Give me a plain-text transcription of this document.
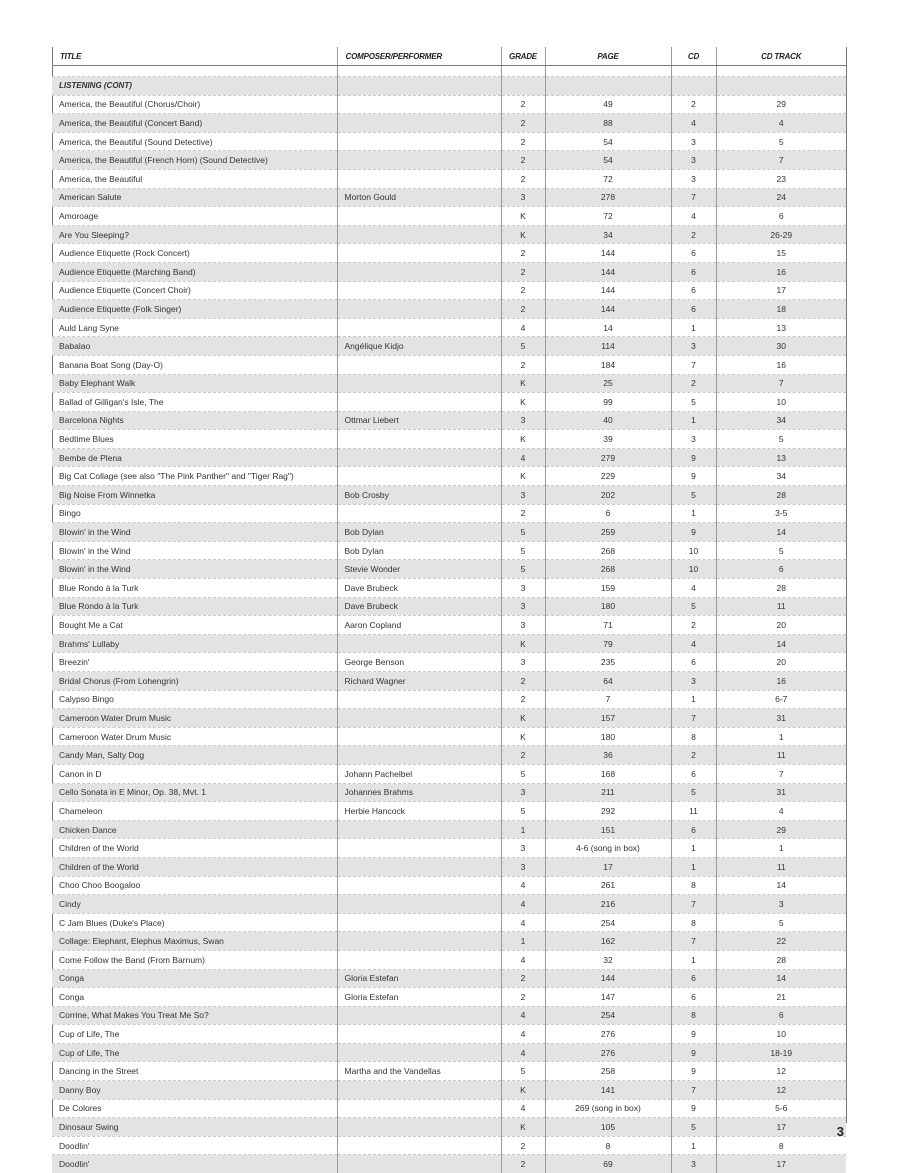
TITLE	COMPOSER/PERFORMER	GRADE	PAGE	CD	CD TRACK

LISTENING (CONT)					
America, the Beautiful (Chorus/Choir)		2	49	2	29
America, the Beautiful (Concert Band)		2	88	4	4
America, the Beautiful (Sound Detective)		2	54	3	5
America, the Beautiful (French Horn) (Sound Detective)		2	54	3	7
America, the Beautiful		2	72	3	23
American Salute	Morton Gould	3	278	7	24
Amoroage		K	72	4	6
Are You Sleeping?		K	34	2	26-29
Audience Etiquette (Rock Concert)		2	144	6	15
Audience Etiquette (Marching Band)		2	144	6	16
Audience Etiquette (Concert Choir)		2	144	6	17
Audience Etiquette (Folk Singer)		2	144	6	18
Auld Lang Syne		4	14	1	13
Babalao	Angélique Kidjo	5	114	3	30
Banana Boat Song (Day-O)		2	184	7	16
Baby Elephant Walk		K	25	2	7
Ballad of Gilligan's Isle, The		K	99	5	10
Barcelona Nights	Ottmar Liebert	3	40	1	34
Bedtime Blues		K	39	3	5
Bembe de Plena		4	279	9	13
Big Cat Collage (see also "The Pink Panther" and "Tiger Rag")		K	229	9	34
Big Noise From Winnetka	Bob Crosby	3	202	5	28
Bingo		2	6	1	3-5
Blowin' in the Wind	Bob Dylan	5	259	9	14
Blowin' in the Wind	Bob Dylan	5	268	10	5
Blowin' in the Wind	Stevie Wonder	5	268	10	6
Blue Rondo à la Turk	Dave Brubeck	3	159	4	28
Blue Rondo à la Turk	Dave Brubeck	3	180	5	11
Bought Me a Cat	Aaron Copland	3	71	2	20
Brahms' Lullaby		K	79	4	14
Breezin'	George Benson	3	235	6	20
Bridal Chorus (From Lohengrin)	Richard Wagner	2	64	3	16
Calypso Bingo		2	7	1	6-7
Cameroon Water Drum Music		K	157	7	31
Cameroon Water Drum Music		K	180	8	1
Candy Man, Salty Dog		2	36	2	11
Canon in D	Johann Pachelbel	5	168	6	7
Cello Sonata in E Minor, Op. 38, Mvt. 1	Johannes Brahms	3	211	5	31
Chameleon	Herbie Hancock	5	292	11	4
Chicken Dance		1	151	6	29
Children of the World		3	4-6 (song in box)	1	1
Children of the World		3	17	1	11
Choo Choo Boogaloo		4	261	8	14
Cindy		4	216	7	3
C Jam Blues (Duke's Place)		4	254	8	5
Collage: Elephant, Elephus Maximus, Swan		1	162	7	22
Come Follow the Band (From Barnum)		4	32	1	28
Conga	Gloria Estefan	2	144	6	14
Conga	Gloria Estefan	2	147	6	21
Corrine, What Makes You Treat Me So?		4	254	8	6
Cup of Life, The		4	276	9	10
Cup of Life, The		4	276	9	18-19
Dancing in the Street	Martha and the Vandellas	5	258	9	12
Danny Boy		K	141	7	12
De Colores		4	269 (song in box)	9	5-6
Dinosaur Swing		K	105	5	17
Doodlin'		2	8	1	8
Doodlin'		2	69	3	17
3
